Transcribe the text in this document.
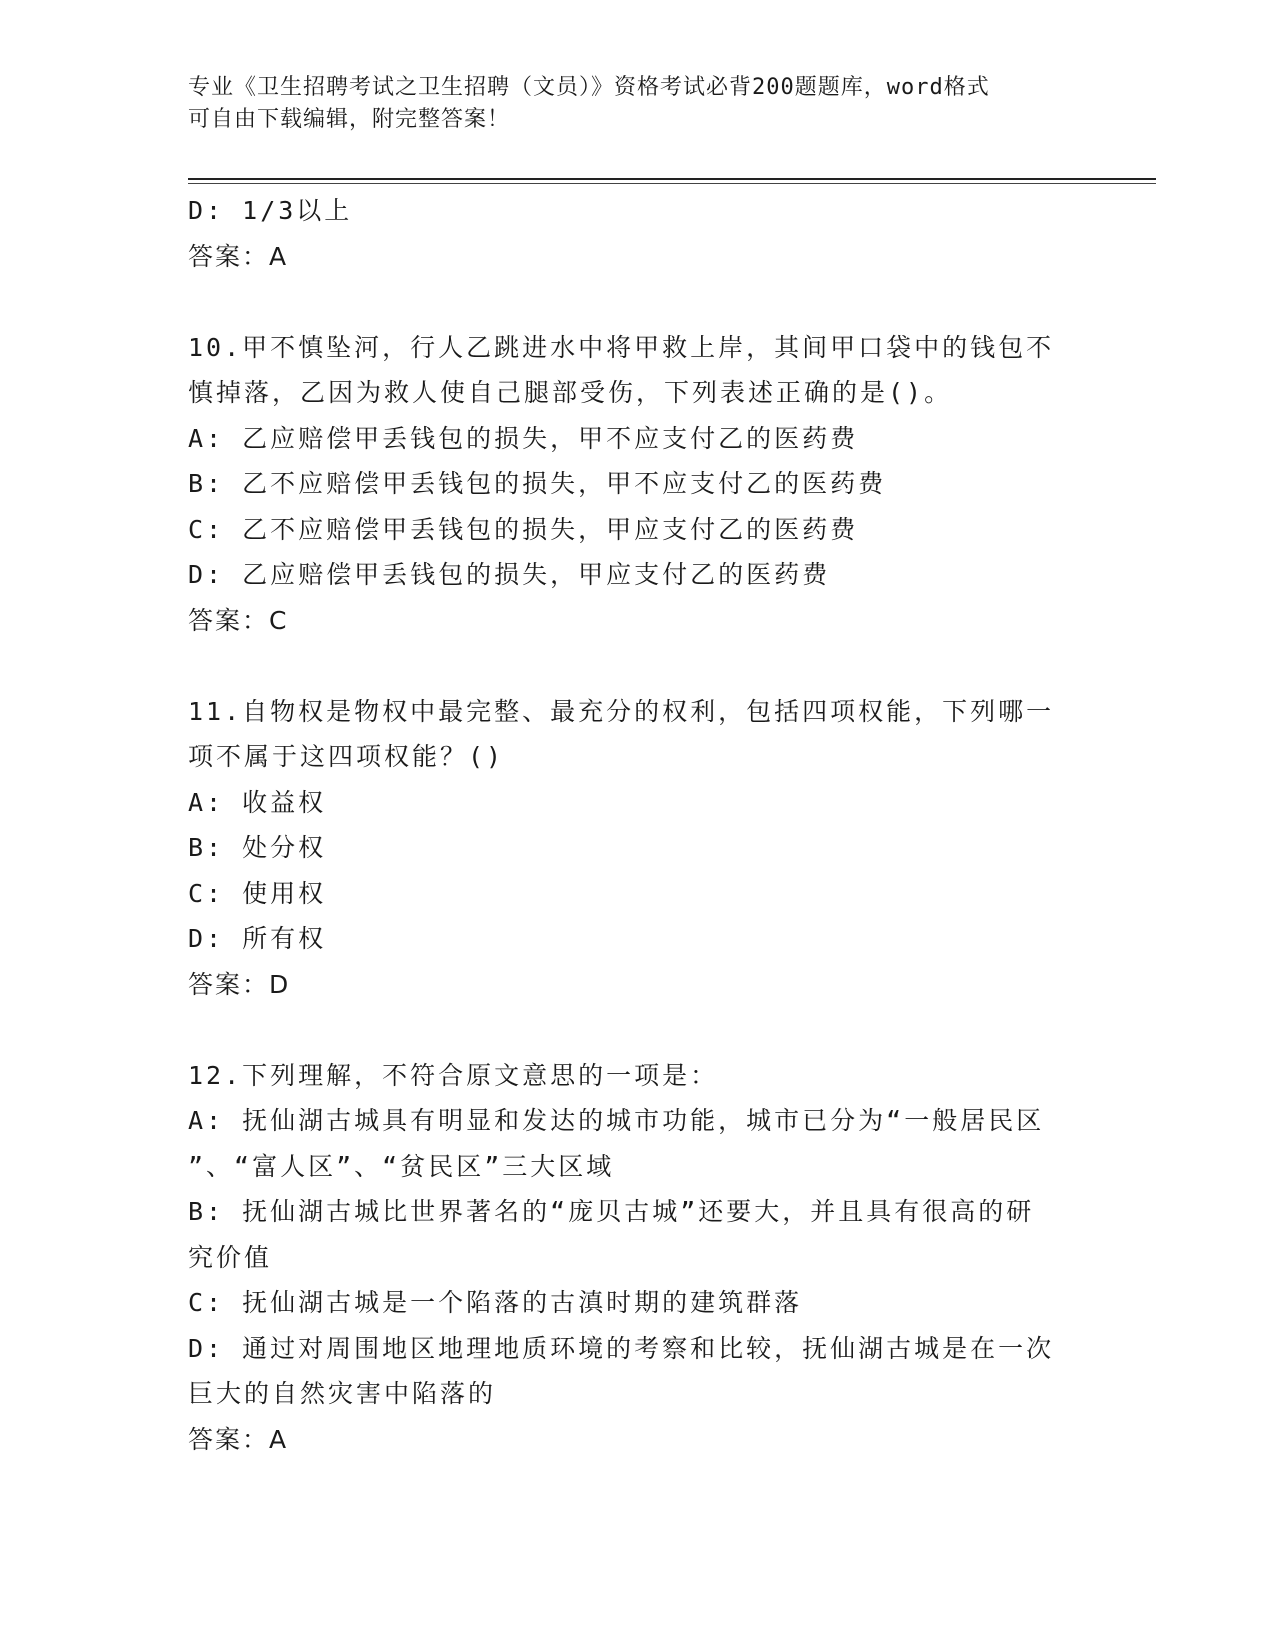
专业《卫生招聘考试之卫生招聘（文员）》资格考试必背200题题库，word格式
可自由下载编辑，附完整答案！
D: 1/3以上
答案：A
10.甲不慎坠河，行人乙跳进水中将甲救上岸，其间甲口袋中的钱包不
慎掉落，乙因为救人使自己腿部受伤，下列表述正确的是()。
A: 乙应赔偿甲丢钱包的损失，甲不应支付乙的医药费
B: 乙不应赔偿甲丢钱包的损失，甲不应支付乙的医药费
C: 乙不应赔偿甲丢钱包的损失，甲应支付乙的医药费
D: 乙应赔偿甲丢钱包的损失，甲应支付乙的医药费
答案：C
11.自物权是物权中最完整、最充分的权利，包括四项权能，下列哪一
项不属于这四项权能？()
A: 收益权
B: 处分权
C: 使用权
D: 所有权
答案：D
12.下列理解，不符合原文意思的一项是：
A: 抚仙湖古城具有明显和发达的城市功能，城市已分为“一般居民区
”、“富人区”、“贫民区”三大区域
B: 抚仙湖古城比世界著名的“庞贝古城”还要大，并且具有很高的研
究价值
C: 抚仙湖古城是一个陷落的古滇时期的建筑群落
D: 通过对周围地区地理地质环境的考察和比较，抚仙湖古城是在一次
巨大的自然灾害中陷落的
答案：A
